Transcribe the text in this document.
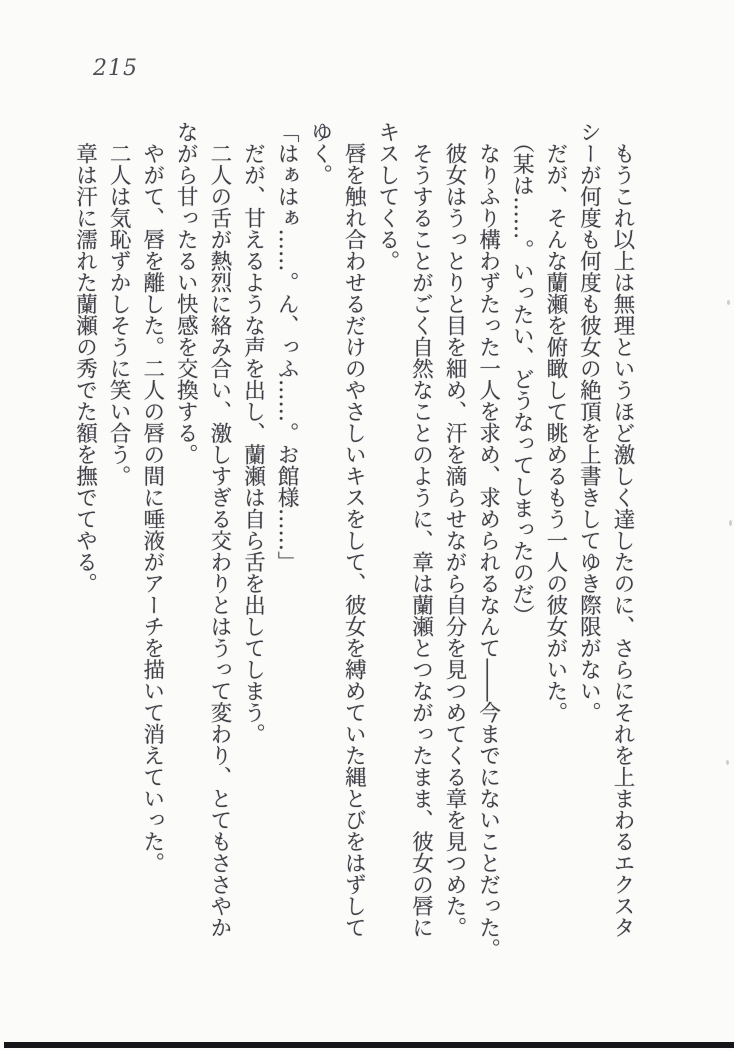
215
　もうこれ以上は無理というほど激しく達したのに、さらにそれを上まわるエクスタ
シーが何度も何度も彼女の絶頂を上書きしてゆき際限がない。
　だが、そんな蘭瀬を俯瞰して眺めるもう一人の彼女がいた。
　（某は……。いったい、どうなってしまったのだ）
　なりふり構わずたった一人を求め、求められるなんて――今までにないことだった。
　彼女はうっとりと目を細め、汗を滴らせながら自分を見つめてくる章を見つめた。
　そうすることがごく自然なことのように、章は蘭瀬とつながったまま、彼女の唇に
キスしてくる。
　唇を触れ合わせるだけのやさしいキスをして、彼女を縛めていた縄とびをはずして
ゆく。
「はぁはぁ……。ん、っふ……。お館様……」
　だが、甘えるような声を出し、蘭瀬は自ら舌を出してしまう。
　二人の舌が熱烈に絡み合い、激しすぎる交わりとはうって変わり、とてもささやか
ながら甘ったるい快感を交換する。
　やがて、唇を離した。二人の唇の間に唾液がアーチを描いて消えていった。
　二人は気恥ずかしそうに笑い合う。
　章は汗に濡れた蘭瀬の秀でた額を撫でてやる。
